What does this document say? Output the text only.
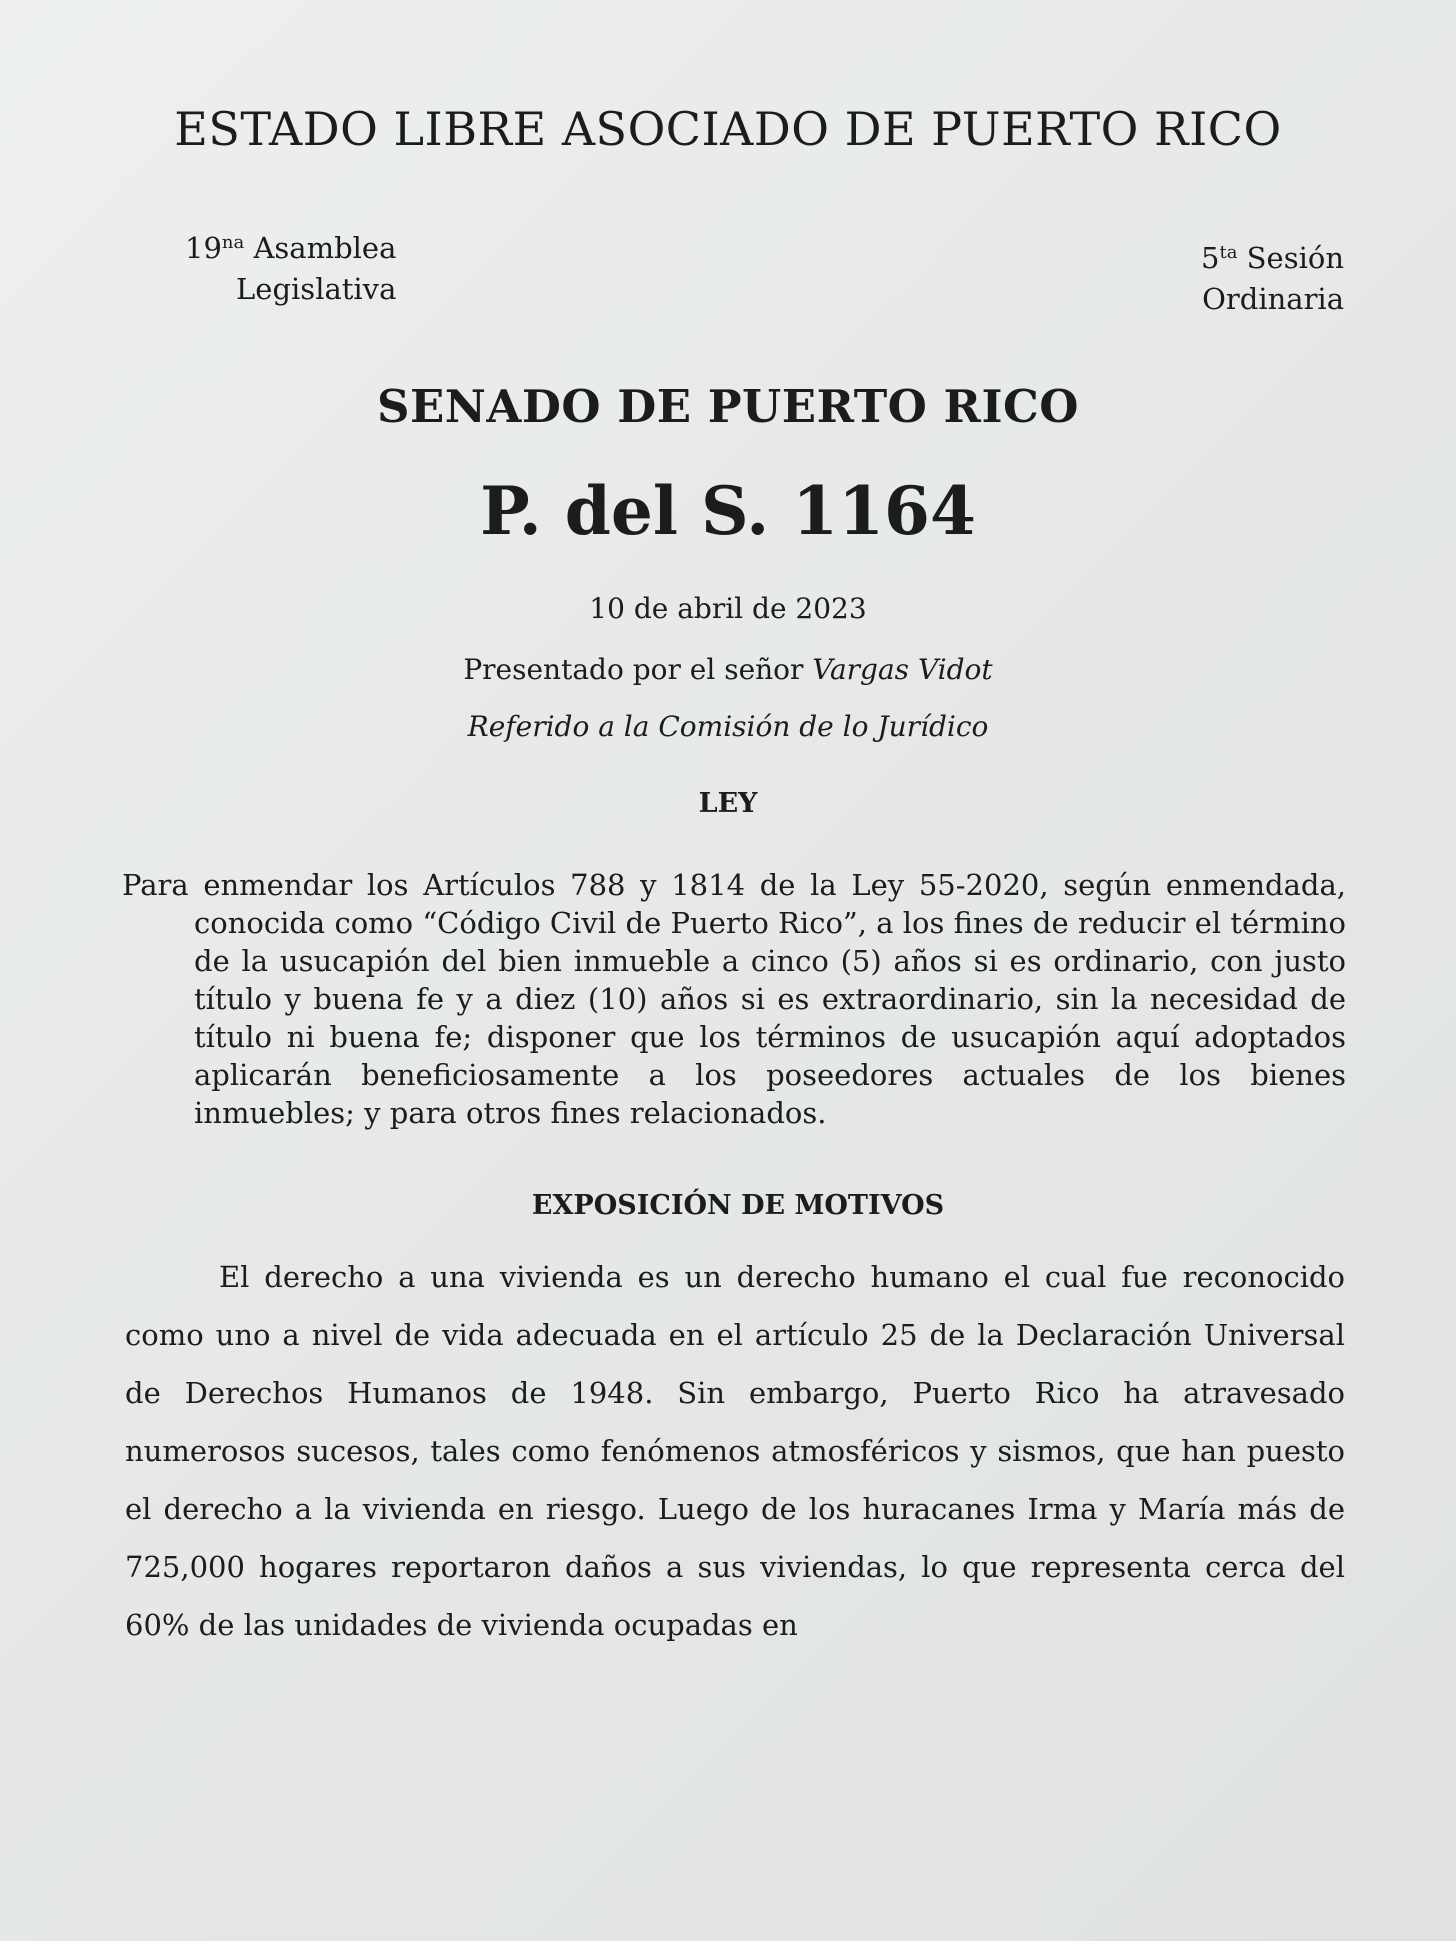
ESTADO LIBRE ASOCIADO DE PUERTO RICO
$19^{na}$ Asamblea
Legislativa
$5^{ta}$ Sesión
Ordinaria
SENADO DE PUERTO RICO
P. del S. 1164

10 de abril de 2023

Presentado por el señor Vargas Vidot

Referido a la Comisión de lo Jurídico

LEY

Para enmendar los Artículos 788 y 1814 de la Ley 55-2020, según enmendada, conocida como “Código Civil de Puerto Rico”, a los fines de reducir el término de la usucapión del bien inmueble a cinco (5) años si es ordinario, con justo título y buena fe y a diez (10) años si es extraordinario, sin la necesidad de título ni buena fe; disponer que los términos de usucapión aquí adoptados aplicarán beneficiosamente a los poseedores actuales de los bienes inmuebles; y para otros fines relacionados.

EXPOSICIÓN DE MOTIVOS

El derecho a una vivienda es un derecho humano el cual fue reconocido como uno a nivel de vida adecuada en el artículo 25 de la Declaración Universal de Derechos Humanos de 1948. Sin embargo, Puerto Rico ha atravesado numerosos sucesos, tales como fenómenos atmosféricos y sismos, que han puesto el derecho a la vivienda en riesgo. Luego de los huracanes Irma y María más de 725,000 hogares reportaron daños a sus viviendas, lo que representa cerca del 60% de las unidades de vivienda ocupadas en
